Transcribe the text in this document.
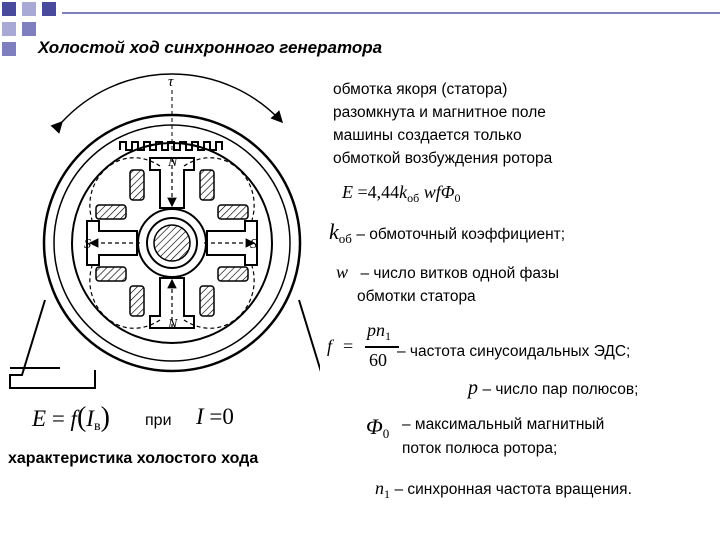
Холостой ход синхронного генератора
τ
N
N
S	S
обмотка якоря (статора)
разомкнута и магнитное поле
машины создается только
обмоткой возбуждения ротора
$E =4,44k_{об}$ wfΦ$_0$
$k_{об}$ – обмоточный коэффициент;
w – число витков одной фазы
обмотки статора
f =
$pn_1$
60 – частота синусоидальных ЭДС;
p – число пар полюсов;
$\Phi_0$
– максимальный магнитный
поток полюса ротора;
$n_1$ – синхронная частота вращения.
$E = f(I_в)$ при I =0
характеристика холостого хода
